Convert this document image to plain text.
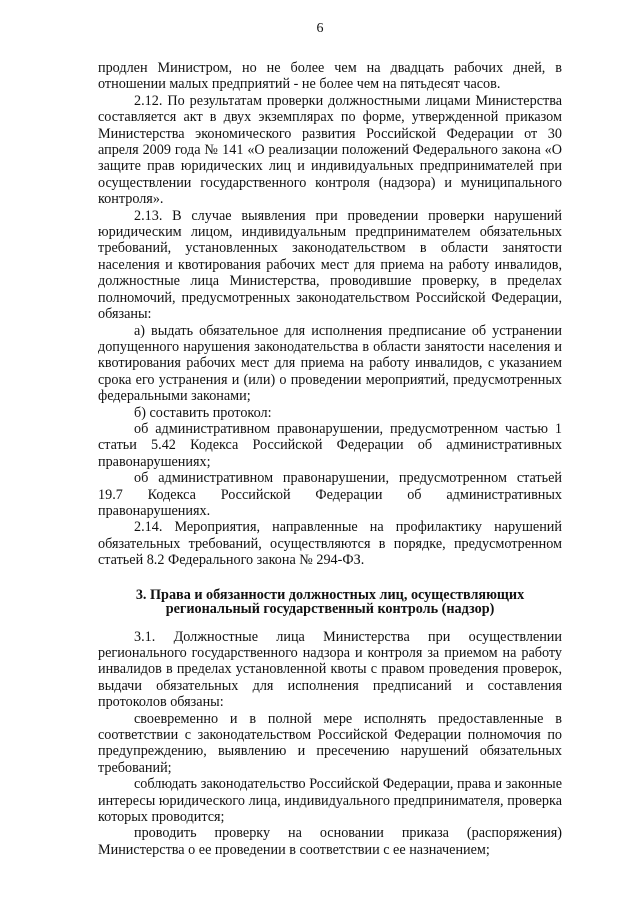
6

продлен Министром, но не более чем на двадцать рабочих дней, в отношении малых предприятий - не более чем на пятьдесят часов.

2.12. По результатам проверки должностными лицами Министерства составляется акт в двух экземплярах по форме, утвержденной приказом Министерства экономического развития Российской Федерации от 30 апреля 2009 года № 141 «О реализации положений Федерального закона «О защите прав юридических лиц и индивидуальных предпринимателей при осуществлении государственного контроля (надзора) и муниципального контроля».

2.13. В случае выявления при проведении проверки нарушений юридическим лицом, индивидуальным предпринимателем обязательных требований, установленных законодательством в области занятости населения и квотирования рабочих мест для приема на работу инвалидов, должностные лица Министерства, проводившие проверку, в пределах полномочий, предусмотренных законодательством Российской Федерации, обязаны:

а) выдать обязательное для исполнения предписание об устранении допущенного нарушения законодательства в области занятости населения и квотирования рабочих мест для приема на работу инвалидов, с указанием срока его устранения и (или) о проведении мероприятий, предусмотренных федеральными законами;

б) составить протокол:

об административном правонарушении, предусмотренном частью 1 статьи 5.42 Кодекса Российской Федерации об административных правонарушениях;

об административном правонарушении, предусмотренном статьей 19.7 Кодекса Российской Федерации об административных правонарушениях.

2.14. Мероприятия, направленные на профилактику нарушений обязательных требований, осуществляются в порядке, предусмотренном статьей 8.2 Федерального закона № 294-ФЗ.

3. Права и обязанности должностных лиц, осуществляющих
региональный государственный контроль (надзор)

3.1. Должностные лица Министерства при осуществлении регионального государственного надзора и контроля за приемом на работу инвалидов в пределах установленной квоты с правом проведения проверок, выдачи обязательных для исполнения предписаний и составления протоколов обязаны:

своевременно и в полной мере исполнять предоставленные в соответствии с законодательством Российской Федерации полномочия по предупреждению, выявлению и пресечению нарушений обязательных требований;

соблюдать законодательство Российской Федерации, права и законные интересы юридического лица, индивидуального предпринимателя, проверка которых проводится;

проводить проверку на основании приказа (распоряжения) Министерства о ее проведении в соответствии с ее назначением;
